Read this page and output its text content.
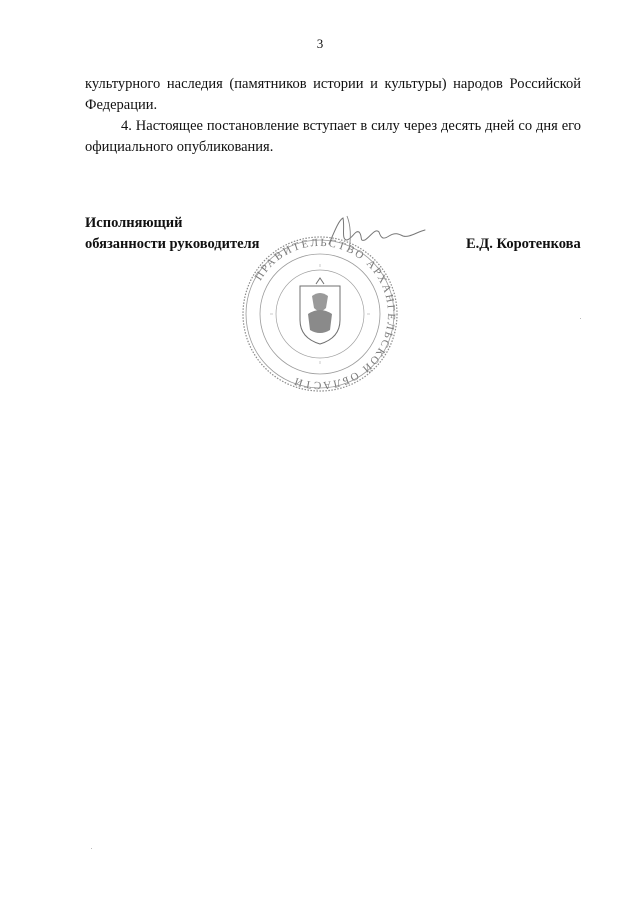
3
культурного наследия (памятников истории и культуры) народов Российской Федерации.
4. Настоящее постановление вступает в силу через десять дней со дня его официального опубликования.
Исполняющий
обязанности руководителя
ПРАВИТЕЛЬСТВО АРХАНГЕЛЬСКОЙ ОБЛАСТИ
Е.Д. Коротенкова
